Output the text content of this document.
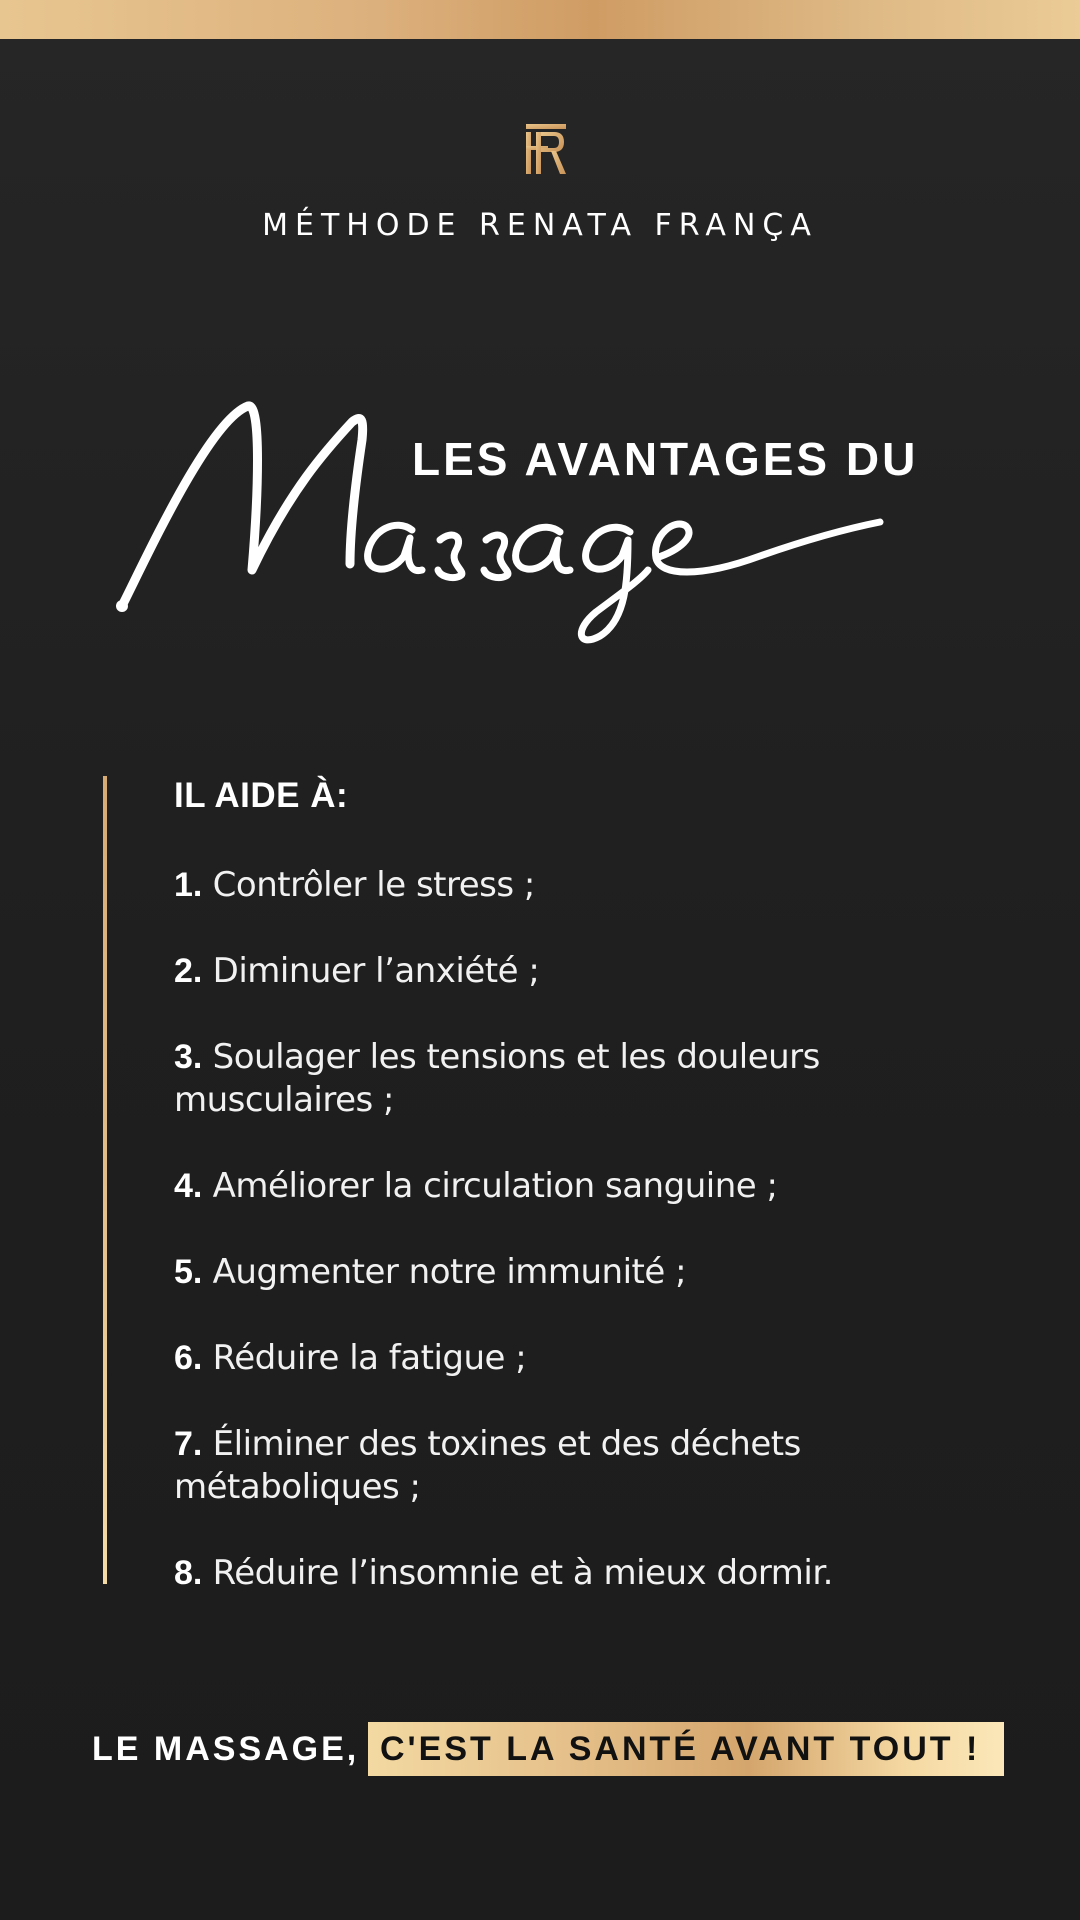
MÉTHODE RENATA FRANÇA
LES AVANTAGES DU
IL AIDE À:
1. Contrôler le stress ;
2. Diminuer l’anxiété ;
3. Soulager les tensions et les douleurs musculaires ;
4. Améliorer la circulation sanguine ;
5. Augmenter notre immunité ;
6. Réduire la fatigue ;
7. Éliminer des toxines et des déchets métaboliques ;
8. Réduire l’insomnie et à mieux dormir.
LE MASSAGE, C'EST LA SANTÉ AVANT TOUT !
